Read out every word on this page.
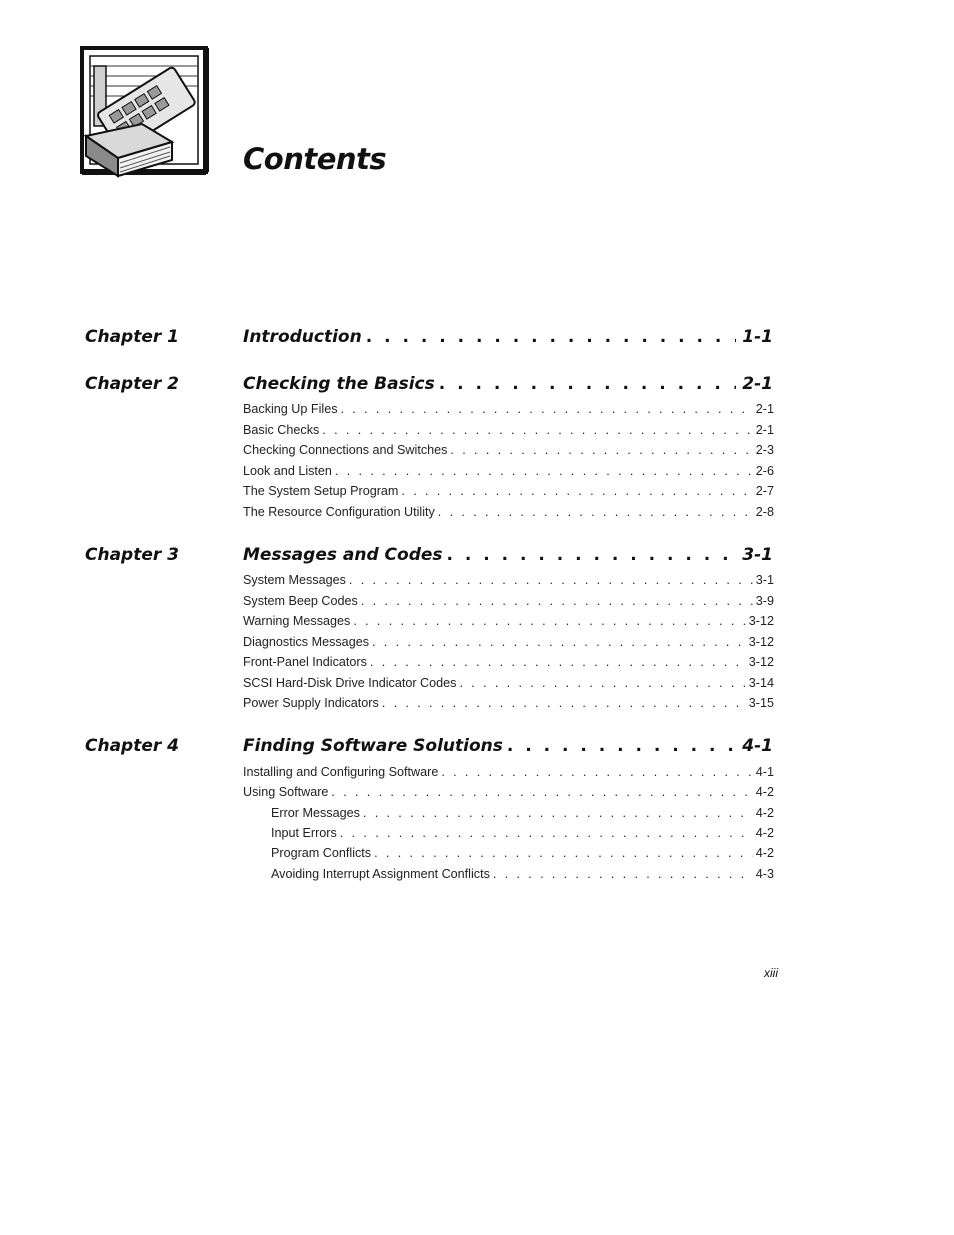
Contents
Chapter 1	Introduction . . .	1-1
Chapter 2	Checking the Basics . . .	2-1
Backing Up Files . . .	2-1
Basic Checks . . .	2-1
Checking Connections and Switches . . .	2-3
Look and Listen . . .	2-6
The System Setup Program . . .	2-7
The Resource Configuration Utility . . .	2-8
Chapter 3	Messages and Codes . . .	3-1
System Messages . . .	3-1
System Beep Codes . . .	3-9
Warning Messages . . .	3-12
Diagnostics Messages . . .	3-12
Front-Panel Indicators . . .	3-12
SCSI Hard-Disk Drive Indicator Codes . . .	3-14
Power Supply Indicators . . .	3-15
Chapter 4	Finding Software Solutions . . .	4-1
Installing and Configuring Software . . .	4-1
Using Software . . .	4-2
Error Messages . . .	4-2
Input Errors . . .	4-2
Program Conflicts . . .	4-2
Avoiding Interrupt Assignment Conflicts . . .	4-3
xiii
